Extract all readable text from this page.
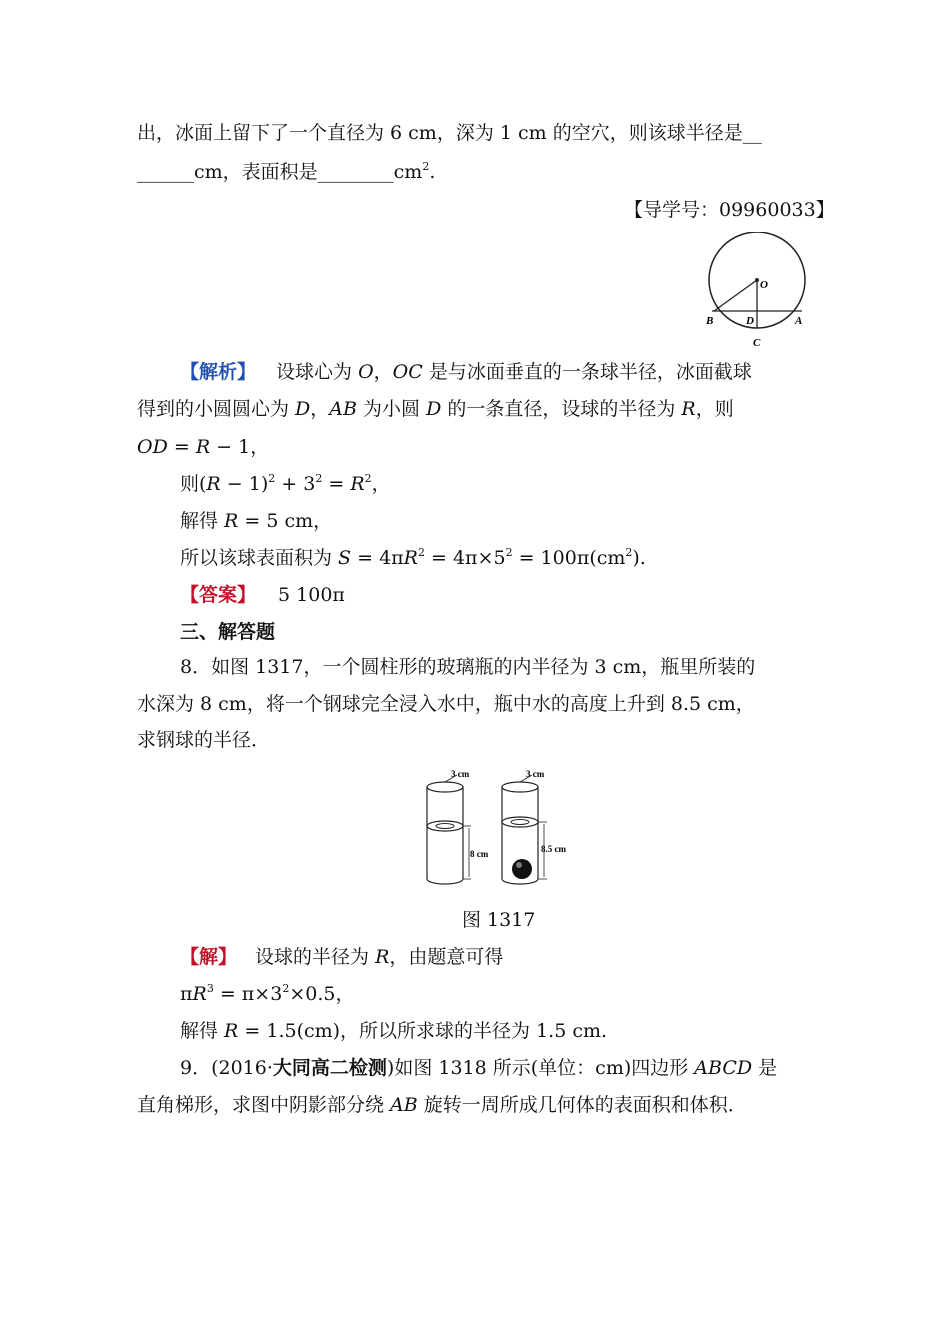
出，冰面上留下了一个直径为 6 cm，深为 1 cm 的空穴，则该球半径是__
______cm，表面积是$\_\_\_\_\_\_\_\_cm^2$.
【导学号：09960033】
O
B	D	A
C
【解析】 设球心为 O，OC 是与冰面垂直的一条球半径，冰面截球
得到的小圆圆心为 D，AB 为小圆 D 的一条直径，设球的半径为 R，则
OD = R − 1，
则$(R - 1)^2 + 3^2 = R^2$，
解得 R = 5 cm，
所以该球表面积为 $S = 4\pi R^2 = 4\pi\times 5^2 = 100\pi(cm^2)$.
【答案】 5 100π
三、解答题
8．如图 1317，一个圆柱形的玻璃瓶的内半径为 3 cm，瓶里所装的
水深为 8 cm，将一个钢球完全浸入水中，瓶中水的高度上升到 8.5 cm，
求钢球的半径．
3 cm
8 cm
3 cm
8.5 cm
图 1317
【解】 设球的半径为 R，由题意可得
$\pi R^3 = \pi\times 3^2\times 0.5$，
解得 R = 1.5(cm)，所以所求球的半径为 1.5 cm.
9．(2016·大同高二检测)如图 1318 所示(单位：cm)四边形 ABCD 是
直角梯形，求图中阴影部分绕 AB 旋转一周所成几何体的表面积和体积．
